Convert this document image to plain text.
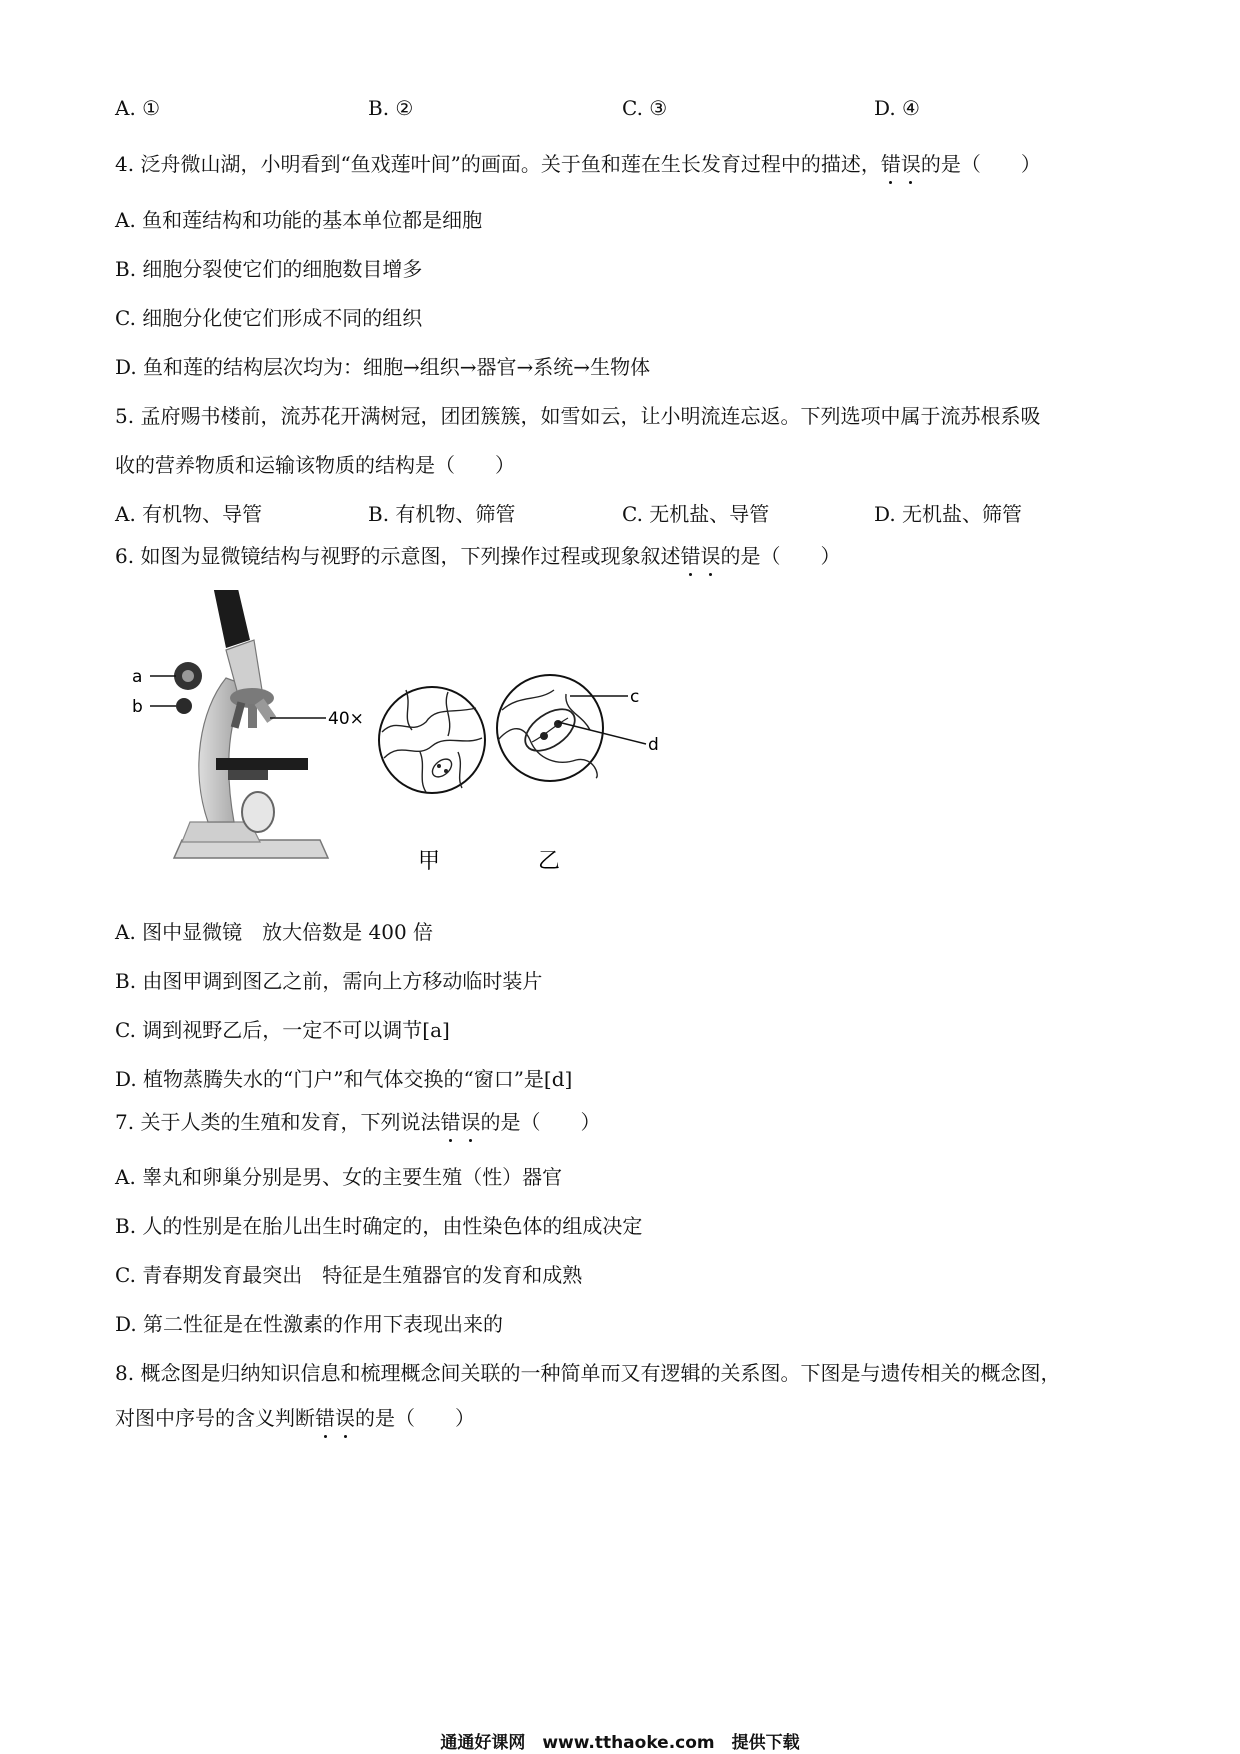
A. ①	B. ②	C. ③	D. ④
4. 泛舟微山湖，小明看到“鱼戏莲叶间”的画面。关于鱼和莲在生长发育过程中的描述，错误的是（　　）
A. 鱼和莲结构和功能的基本单位都是细胞
B. 细胞分裂使它们的细胞数目增多
C. 细胞分化使它们形成不同的组织
D. 鱼和莲的结构层次均为：细胞→组织→器官→系统→生物体
5. 孟府赐书楼前，流苏花开满树冠，团团簇簇，如雪如云，让小明流连忘返。下列选项中属于流苏根系吸
收的营养物质和运输该物质的结构是（　　）
A. 有机物、导管	B. 有机物、筛管	C. 无机盐、导管	D. 无机盐、筛管
6. 如图为显微镜结构与视野的示意图，下列操作过程或现象叙述错误的是（　　）
a
b
40×
甲
c
d
乙
A. 图中显微镜　放大倍数是 400 倍
B. 由图甲调到图乙之前，需向上方移动临时装片
C. 调到视野乙后，一定不可以调节[a]
D. 植物蒸腾失水的“门户”和气体交换的“窗口”是[d]
7. 关于人类的生殖和发育，下列说法错误的是（　　）
A. 睾丸和卵巢分别是男、女的主要生殖（性）器官
B. 人的性别是在胎儿出生时确定的，由性染色体的组成决定
C. 青春期发育最突出　特征是生殖器官的发育和成熟
D. 第二性征是在性激素的作用下表现出来的
8. 概念图是归纳知识信息和梳理概念间关联的一种简单而又有逻辑的关系图。下图是与遗传相关的概念图，
对图中序号的含义判断错误的是（　　）
通通好课网　www.tthaoke.com　提供下载
